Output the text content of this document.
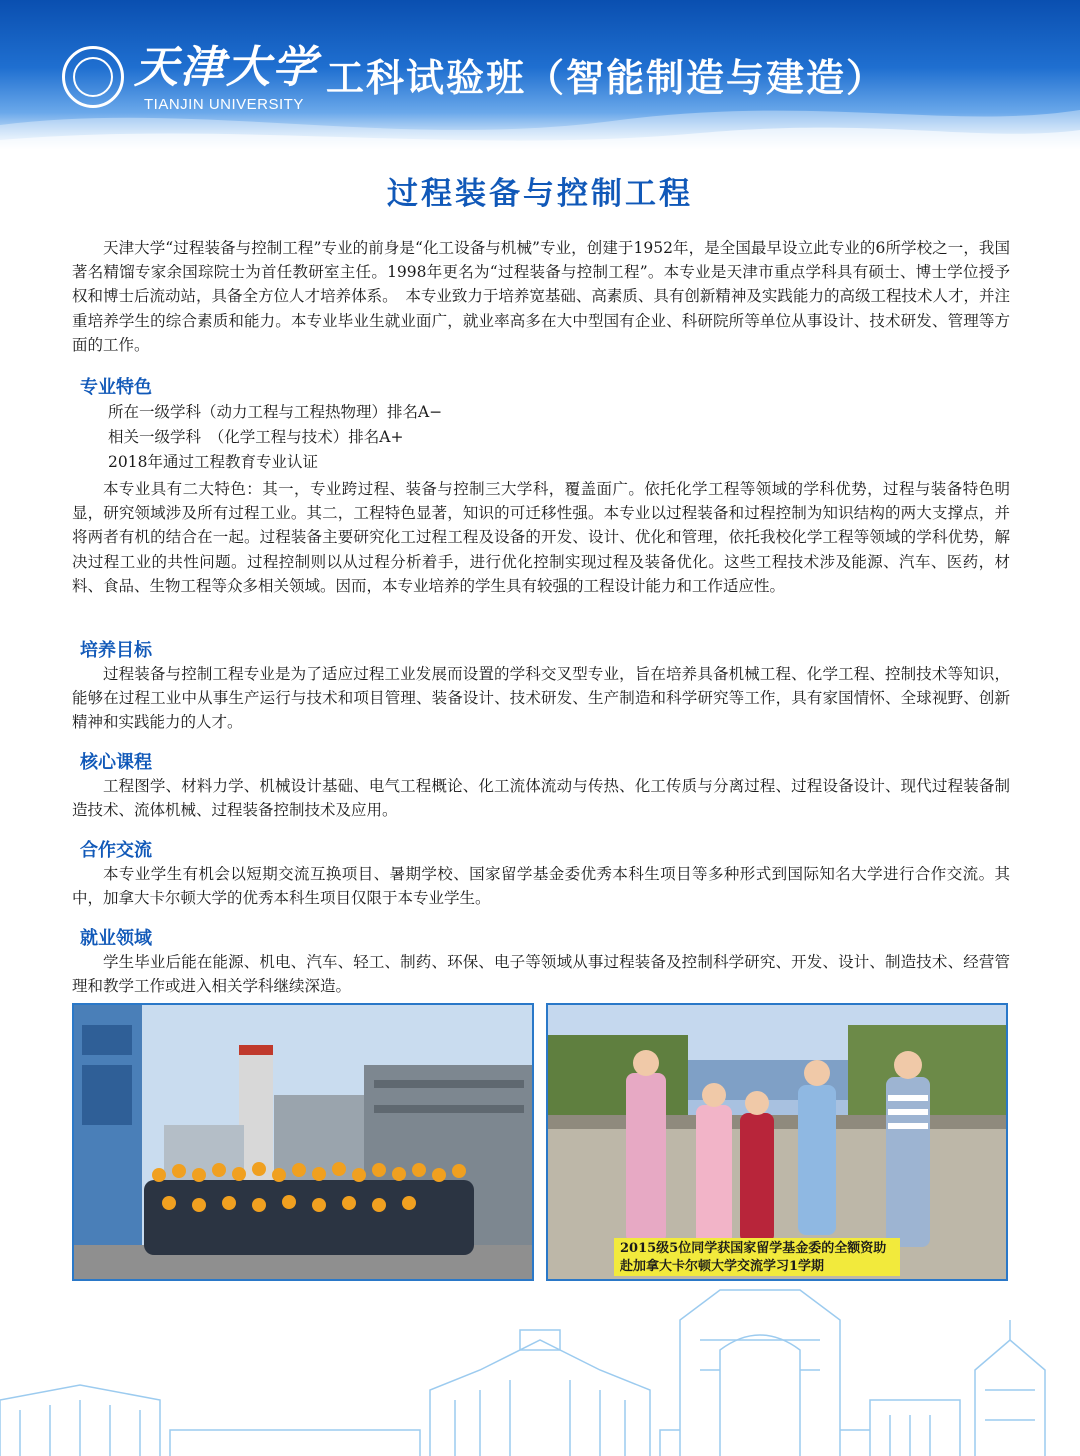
天津大学
TIANJIN UNIVERSITY
工科试验班（智能制造与建造）
过程装备与控制工程

天津大学“过程装备与控制工程”专业的前身是“化工设备与机械”专业，创建于1952年，是全国最早设立此专业的6所学校之一，我国著名精馏专家余国琮院士为首任教研室主任。1998年更名为“过程装备与控制工程”。本专业是天津市重点学科具有硕士、博士学位授予权和博士后流动站，具备全方位人才培养体系。　本专业致力于培养宽基础、高素质、具有创新精神及实践能力的高级工程技术人才，并注重培养学生的综合素质和能力。本专业毕业生就业面广，就业率高多在大中型国有企业、科研院所等单位从事设计、技术研发、管理等方面的工作。

专业特色
所在一级学科（动力工程与工程热物理）排名A−
相关一级学科　（化学工程与技术）排名A+
2018年通过工程教育专业认证

本专业具有二大特色：其一，专业跨过程、装备与控制三大学科，覆盖面广。依托化学工程等领域的学科优势，过程与装备特色明显，研究领域涉及所有过程工业。其二，工程特色显著，知识的可迁移性强。本专业以过程装备和过程控制为知识结构的两大支撑点，并将两者有机的结合在一起。过程装备主要研究化工过程工程及设备的开发、设计、优化和管理，依托我校化学工程等领域的学科优势，解决过程工业的共性问题。过程控制则以从过程分析着手，进行优化控制实现过程及装备优化。这些工程技术涉及能源、汽车、医药，材料、食品、生物工程等众多相关领域。因而，本专业培养的学生具有较强的工程设计能力和工作适应性。

培养目标

过程装备与控制工程专业是为了适应过程工业发展而设置的学科交叉型专业，旨在培养具备机械工程、化学工程、控制技术等知识，能够在过程工业中从事生产运行与技术和项目管理、装备设计、技术研发、生产制造和科学研究等工作，具有家国情怀、全球视野、创新精神和实践能力的人才。

核心课程

工程图学、材料力学、机械设计基础、电气工程概论、化工流体流动与传热、化工传质与分离过程、过程设备设计、现代过程装备制造技术、流体机械、过程装备控制技术及应用。

合作交流

本专业学生有机会以短期交流互换项目、暑期学校、国家留学基金委优秀本科生项目等多种形式到国际知名大学进行合作交流。其中，加拿大卡尔顿大学的优秀本科生项目仅限于本专业学生。

就业领域

学生毕业后能在能源、机电、汽车、轻工、制药、环保、电子等领域从事过程装备及控制科学研究、开发、设计、制造技术、经营管理和教学工作或进入相关学科继续深造。

2015级5位同学获国家留学基金委的全额资助
赴加拿大卡尔顿大学交流学习1学期
